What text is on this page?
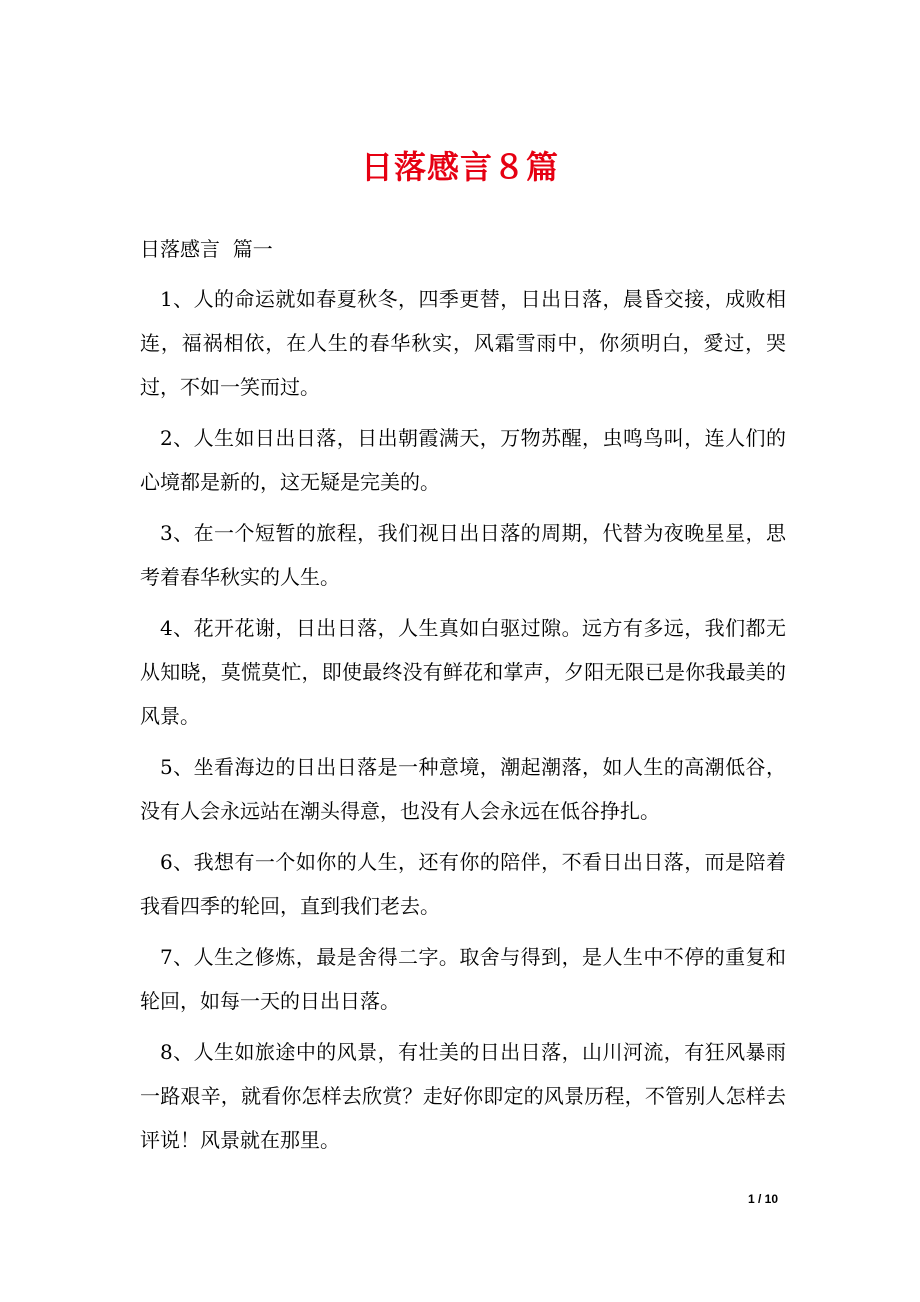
日落感言８篇
日落感言  篇一

1、人的命运就如春夏秋冬，四季更替，日出日落，晨昏交接，成败相连，福祸相依，在人生的春华秋实，风霜雪雨中，你须明白，愛过，哭过，不如一笑而过。

2、人生如日出日落，日出朝霞满天，万物苏醒，虫鸣鸟叫，连人们的心境都是新的，这无疑是完美的。

3、在一个短暂的旅程，我们视日出日落的周期，代替为夜晚星星，思考着春华秋实的人生。

4、花开花谢，日出日落，人生真如白驱过隙。远方有多远，我们都无从知晓，莫慌莫忙，即使最终没有鲜花和掌声，夕阳无限已是你我最美的风景。

5、坐看海边的日出日落是一种意境，潮起潮落，如人生的高潮低谷，没有人会永远站在潮头得意，也没有人会永远在低谷挣扎。

6、我想有一个如你的人生，还有你的陪伴，不看日出日落，而是陪着我看四季的轮回，直到我们老去。

7、人生之修炼，最是舍得二字。取舍与得到，是人生中不停的重复和轮回，如每一天的日出日落。

8、人生如旅途中的风景，有壮美的日出日落，山川河流，有狂风暴雨一路艰辛，就看你怎样去欣赏？走好你即定的风景历程，不管别人怎样去评说！风景就在那里。

1 / 10
